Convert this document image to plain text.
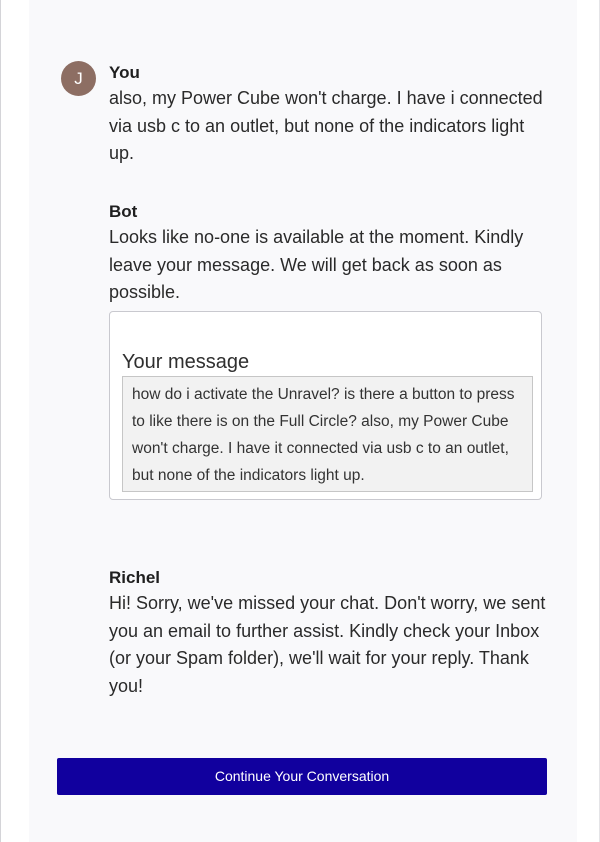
J	You

also, my Power Cube won't charge. I have i connected via usb c to an outlet, but none of the indicators light up.

Bot

Looks like no-one is available at the moment. Kindly leave your message. We will get back as soon as possible.

Your message
how do i activate the Unravel? is there a button to press to like there is on the Full Circle? also, my Power Cube won't charge. I have it connected via usb c to an outlet, but none of the indicators light up.

Richel

Hi! Sorry, we've missed your chat. Don't worry, we sent you an email to further assist. Kindly check your Inbox (or your Spam folder), we'll wait for your reply. Thank you!

Continue Your Conversation
